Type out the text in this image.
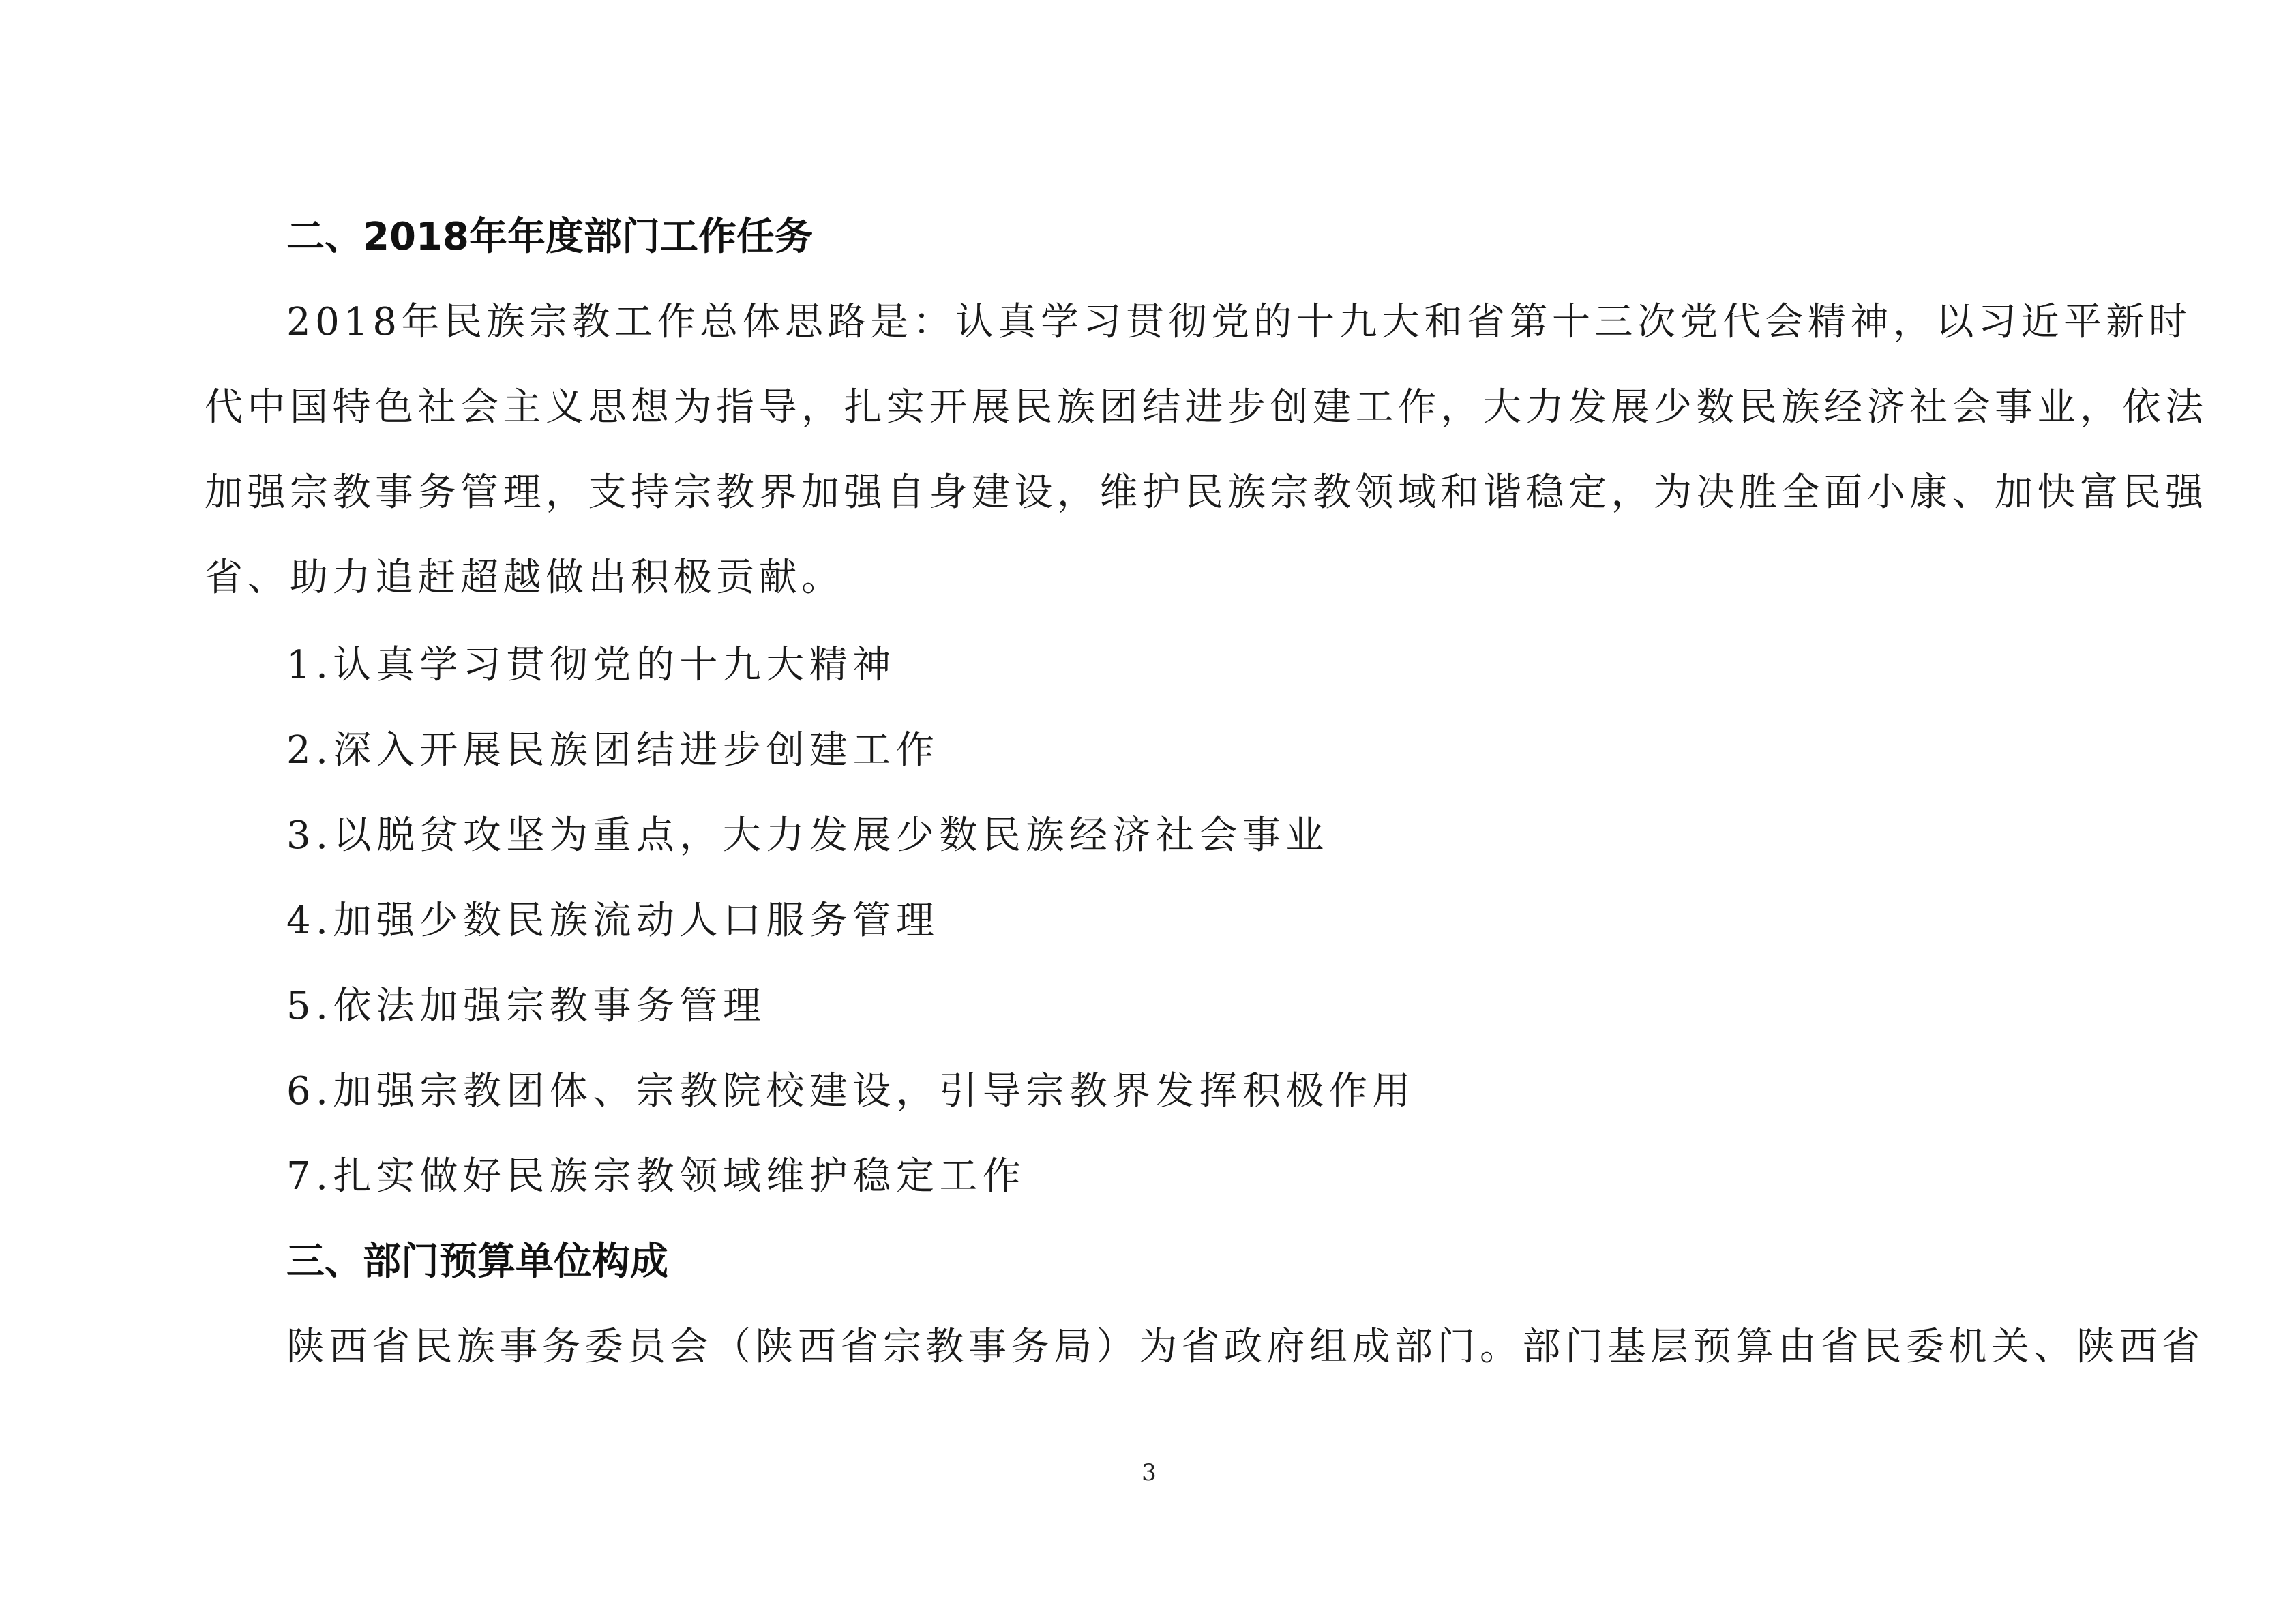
二、2018年年度部门工作任务
2018年民族宗教工作总体思路是：认真学习贯彻党的十九大和省第十三次党代会精神，以习近平新时
代中国特色社会主义思想为指导，扎实开展民族团结进步创建工作，大力发展少数民族经济社会事业，依法
加强宗教事务管理，支持宗教界加强自身建设，维护民族宗教领域和谐稳定，为决胜全面小康、加快富民强
省、助力追赶超越做出积极贡献。
1.认真学习贯彻党的十九大精神
2.深入开展民族团结进步创建工作
3.以脱贫攻坚为重点，大力发展少数民族经济社会事业
4.加强少数民族流动人口服务管理
5.依法加强宗教事务管理
6.加强宗教团体、宗教院校建设，引导宗教界发挥积极作用
7.扎实做好民族宗教领域维护稳定工作
三、部门预算单位构成
陕西省民族事务委员会（陕西省宗教事务局）为省政府组成部门。部门基层预算由省民委机关、陕西省
3
